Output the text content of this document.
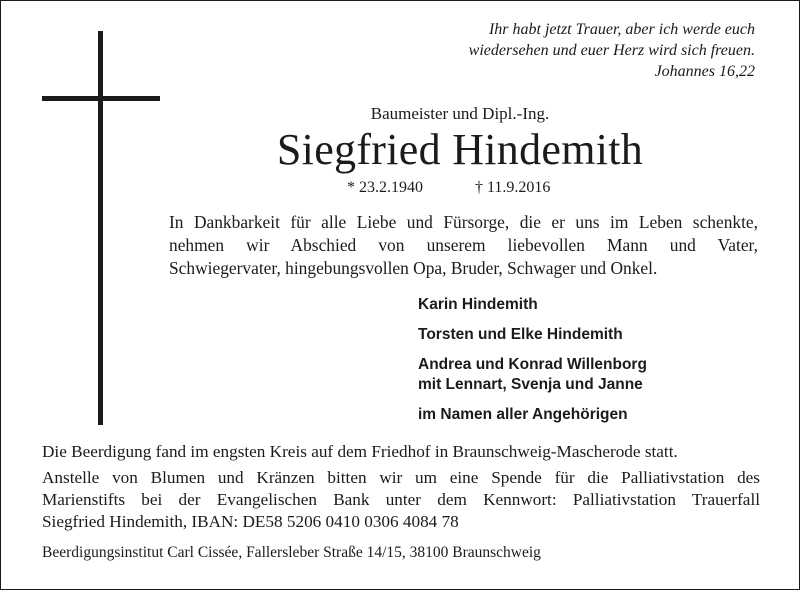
Ihr habt jetzt Trauer, aber ich werde euch
wiedersehen und euer Herz wird sich freuen.
Johannes 16,22
Baumeister und Dipl.-Ing.
Siegfried Hindemith
* 23.2.1940	† 11.9.2016
In Dankbarkeit für alle Liebe und Fürsorge, die er uns im Leben schenkte,
nehmen wir Abschied von unserem liebevollen Mann und Vater,
Schwiegervater, hingebungsvollen Opa, Bruder, Schwager und Onkel.
Karin Hindemith
Torsten und Elke Hindemith
Andrea und Konrad Willenborg
mit Lennart, Svenja und Janne
im Namen aller Angehörigen
Die Beerdigung fand im engsten Kreis auf dem Friedhof in Braunschweig-Mascherode statt.
Anstelle von Blumen und Kränzen bitten wir um eine Spende für die Palliativstation des
Marienstifts bei der Evangelischen Bank unter dem Kennwort: Palliativstation Trauerfall
Siegfried Hindemith, IBAN: DE58 5206 0410 0306 4084 78
Beerdigungsinstitut Carl Cissée, Fallersleber Straße 14/15, 38100 Braunschweig
